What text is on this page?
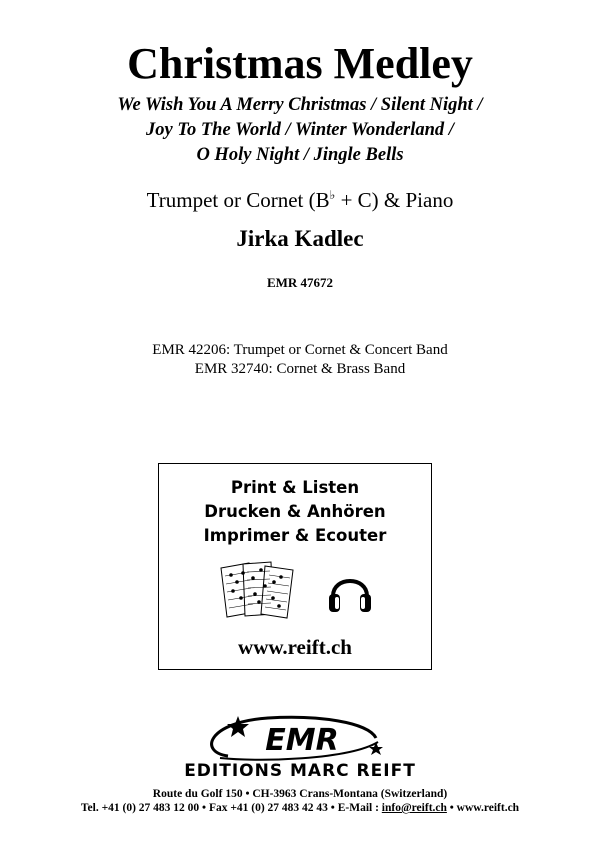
Christmas Medley
We Wish You A Merry Christmas / Silent Night /
Joy To The World / Winter Wonderland /
O Holy Night / Jingle Bells
Trumpet or Cornet (B♭ + C) & Piano
Jirka Kadlec
EMR 47672
EMR 42206: Trumpet or Cornet & Concert Band
EMR 32740: Cornet & Brass Band
Print & Listen
Drucken & Anhören
Imprimer & Ecouter
www.reift.ch
EMR
EDITIONS MARC REIFT
Route du Golf 150 • CH-3963 Crans-Montana (Switzerland)
Tel. +41 (0) 27 483 12 00 • Fax +41 (0) 27 483 42 43 • E-Mail : info@reift.ch • www.reift.ch
